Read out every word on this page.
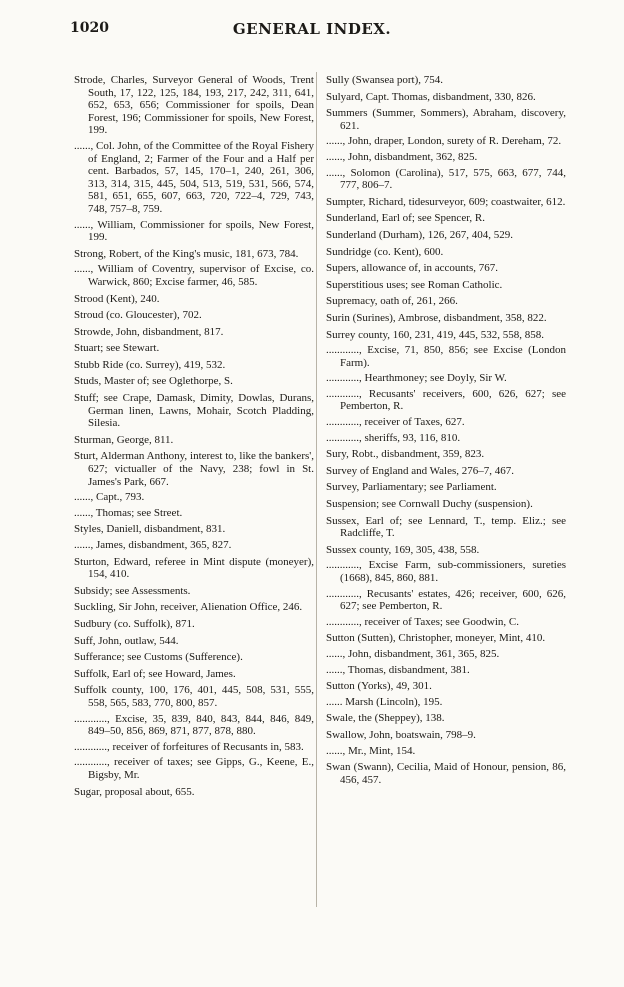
1020	GENERAL INDEX.

Strode, Charles, Surveyor General of Woods, Trent South, 17, 122, 125, 184, 193, 217, 242, 311, 641, 652, 653, 656; Commissioner for spoils, Dean Forest, 196; Commissioner for spoils, New Forest, 199.

......, Col. John, of the Committee of the Royal Fishery of England, 2; Farmer of the Four and a Half per cent. Barbados, 57, 145, 170–1, 240, 261, 306, 313, 314, 315, 445, 504, 513, 519, 531, 566, 574, 581, 651, 655, 607, 663, 720, 722–4, 729, 743, 748, 757–8, 759.

......, William, Commissioner for spoils, New Forest, 199.

Strong, Robert, of the King's music, 181, 673, 784.

......, William of Coventry, supervisor of Excise, co. Warwick, 860; Excise farmer, 46, 585.

Strood (Kent), 240.

Stroud (co. Gloucester), 702.

Strowde, John, disbandment, 817.

Stuart; see Stewart.

Stubb Ride (co. Surrey), 419, 532.

Studs, Master of; see Oglethorpe, S.

Stuff; see Crape, Damask, Dimity, Dowlas, Durans, German linen, Lawns, Mohair, Scotch Pladding, Silesia.

Sturman, George, 811.

Sturt, Alderman Anthony, interest to, like the bankers', 627; victualler of the Navy, 238; fowl in St. James's Park, 667.

......, Capt., 793.

......, Thomas; see Street.

Styles, Daniell, disbandment, 831.

......, James, disbandment, 365, 827.

Sturton, Edward, referee in Mint dispute (moneyer), 154, 410.

Subsidy; see Assessments.

Suckling, Sir John, receiver, Alienation Office, 246.

Sudbury (co. Suffolk), 871.

Suff, John, outlaw, 544.

Sufferance; see Customs (Sufference).

Suffolk, Earl of; see Howard, James.

Suffolk county, 100, 176, 401, 445, 508, 531, 555, 558, 565, 583, 770, 800, 857.

............, Excise, 35, 839, 840, 843, 844, 846, 849, 849–50, 856, 869, 871, 877, 878, 880.

............, receiver of forfeitures of Recusants in, 583.

............, receiver of taxes; see Gipps, G., Keene, E., Bigsby, Mr.

Sugar, proposal about, 655.

Sully (Swansea port), 754.

Sulyard, Capt. Thomas, disbandment, 330, 826.

Summers (Summer, Sommers), Abraham, discovery, 621.

......, John, draper, London, surety of R. Dereham, 72.

......, John, disbandment, 362, 825.

......, Solomon (Carolina), 517, 575, 663, 677, 744, 777, 806–7.

Sumpter, Richard, tidesurveyor, 609; coastwaiter, 612.

Sunderland, Earl of; see Spencer, R.

Sunderland (Durham), 126, 267, 404, 529.

Sundridge (co. Kent), 600.

Supers, allowance of, in accounts, 767.

Superstitious uses; see Roman Catholic.

Supremacy, oath of, 261, 266.

Surin (Surines), Ambrose, disbandment, 358, 822.

Surrey county, 160, 231, 419, 445, 532, 558, 858.

............, Excise, 71, 850, 856; see Excise (London Farm).

............, Hearthmoney; see Doyly, Sir W.

............, Recusants' receivers, 600, 626, 627; see Pemberton, R.

............, receiver of Taxes, 627.

............, sheriffs, 93, 116, 810.

Sury, Robt., disbandment, 359, 823.

Survey of England and Wales, 276–7, 467.

Survey, Parliamentary; see Parliament.

Suspension; see Cornwall Duchy (suspension).

Sussex, Earl of; see Lennard, T., temp. Eliz.; see Radcliffe, T.

Sussex county, 169, 305, 438, 558.

............, Excise Farm, sub-commissioners, sureties (1668), 845, 860, 881.

............, Recusants' estates, 426; receiver, 600, 626, 627; see Pemberton, R.

............, receiver of Taxes; see Goodwin, C.

Sutton (Sutten), Christopher, moneyer, Mint, 410.

......, John, disbandment, 361, 365, 825.

......, Thomas, disbandment, 381.

Sutton (Yorks), 49, 301.

...... Marsh (Lincoln), 195.

Swale, the (Sheppey), 138.

Swallow, John, boatswain, 798–9.

......, Mr., Mint, 154.

Swan (Swann), Cecilia, Maid of Honour, pension, 86, 456, 457.
